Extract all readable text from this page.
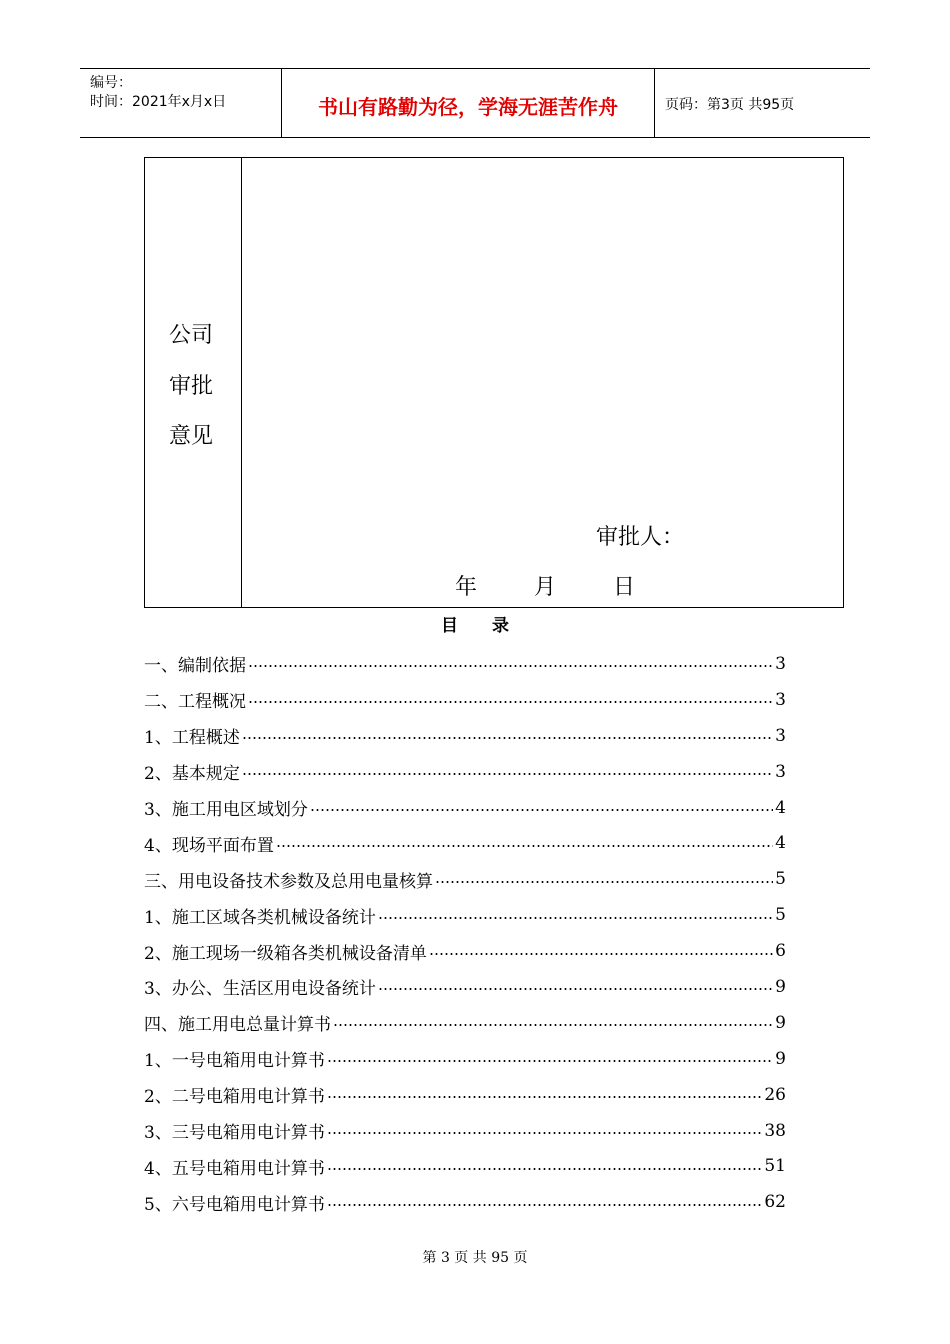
编号：
时间：2021年x月x日	书山有路勤为径，学海无涯苦作舟	页码：第3页 共95页
公司
审批
意见
审批人：
年	月	日
目 录
一、编制依据	3
二、工程概况	3
1、工程概述	3
2、基本规定	3
3、施工用电区域划分	4
4、现场平面布置	4
三、用电设备技术参数及总用电量核算	5
1、施工区域各类机械设备统计	5
2、施工现场一级箱各类机械设备清单	6
3、办公、生活区用电设备统计	9
四、施工用电总量计算书	9
1、一号电箱用电计算书	9
2、二号电箱用电计算书	26
3、三号电箱用电计算书	38
4、五号电箱用电计算书	51
5、六号电箱用电计算书	62
第 3 页 共 95 页
